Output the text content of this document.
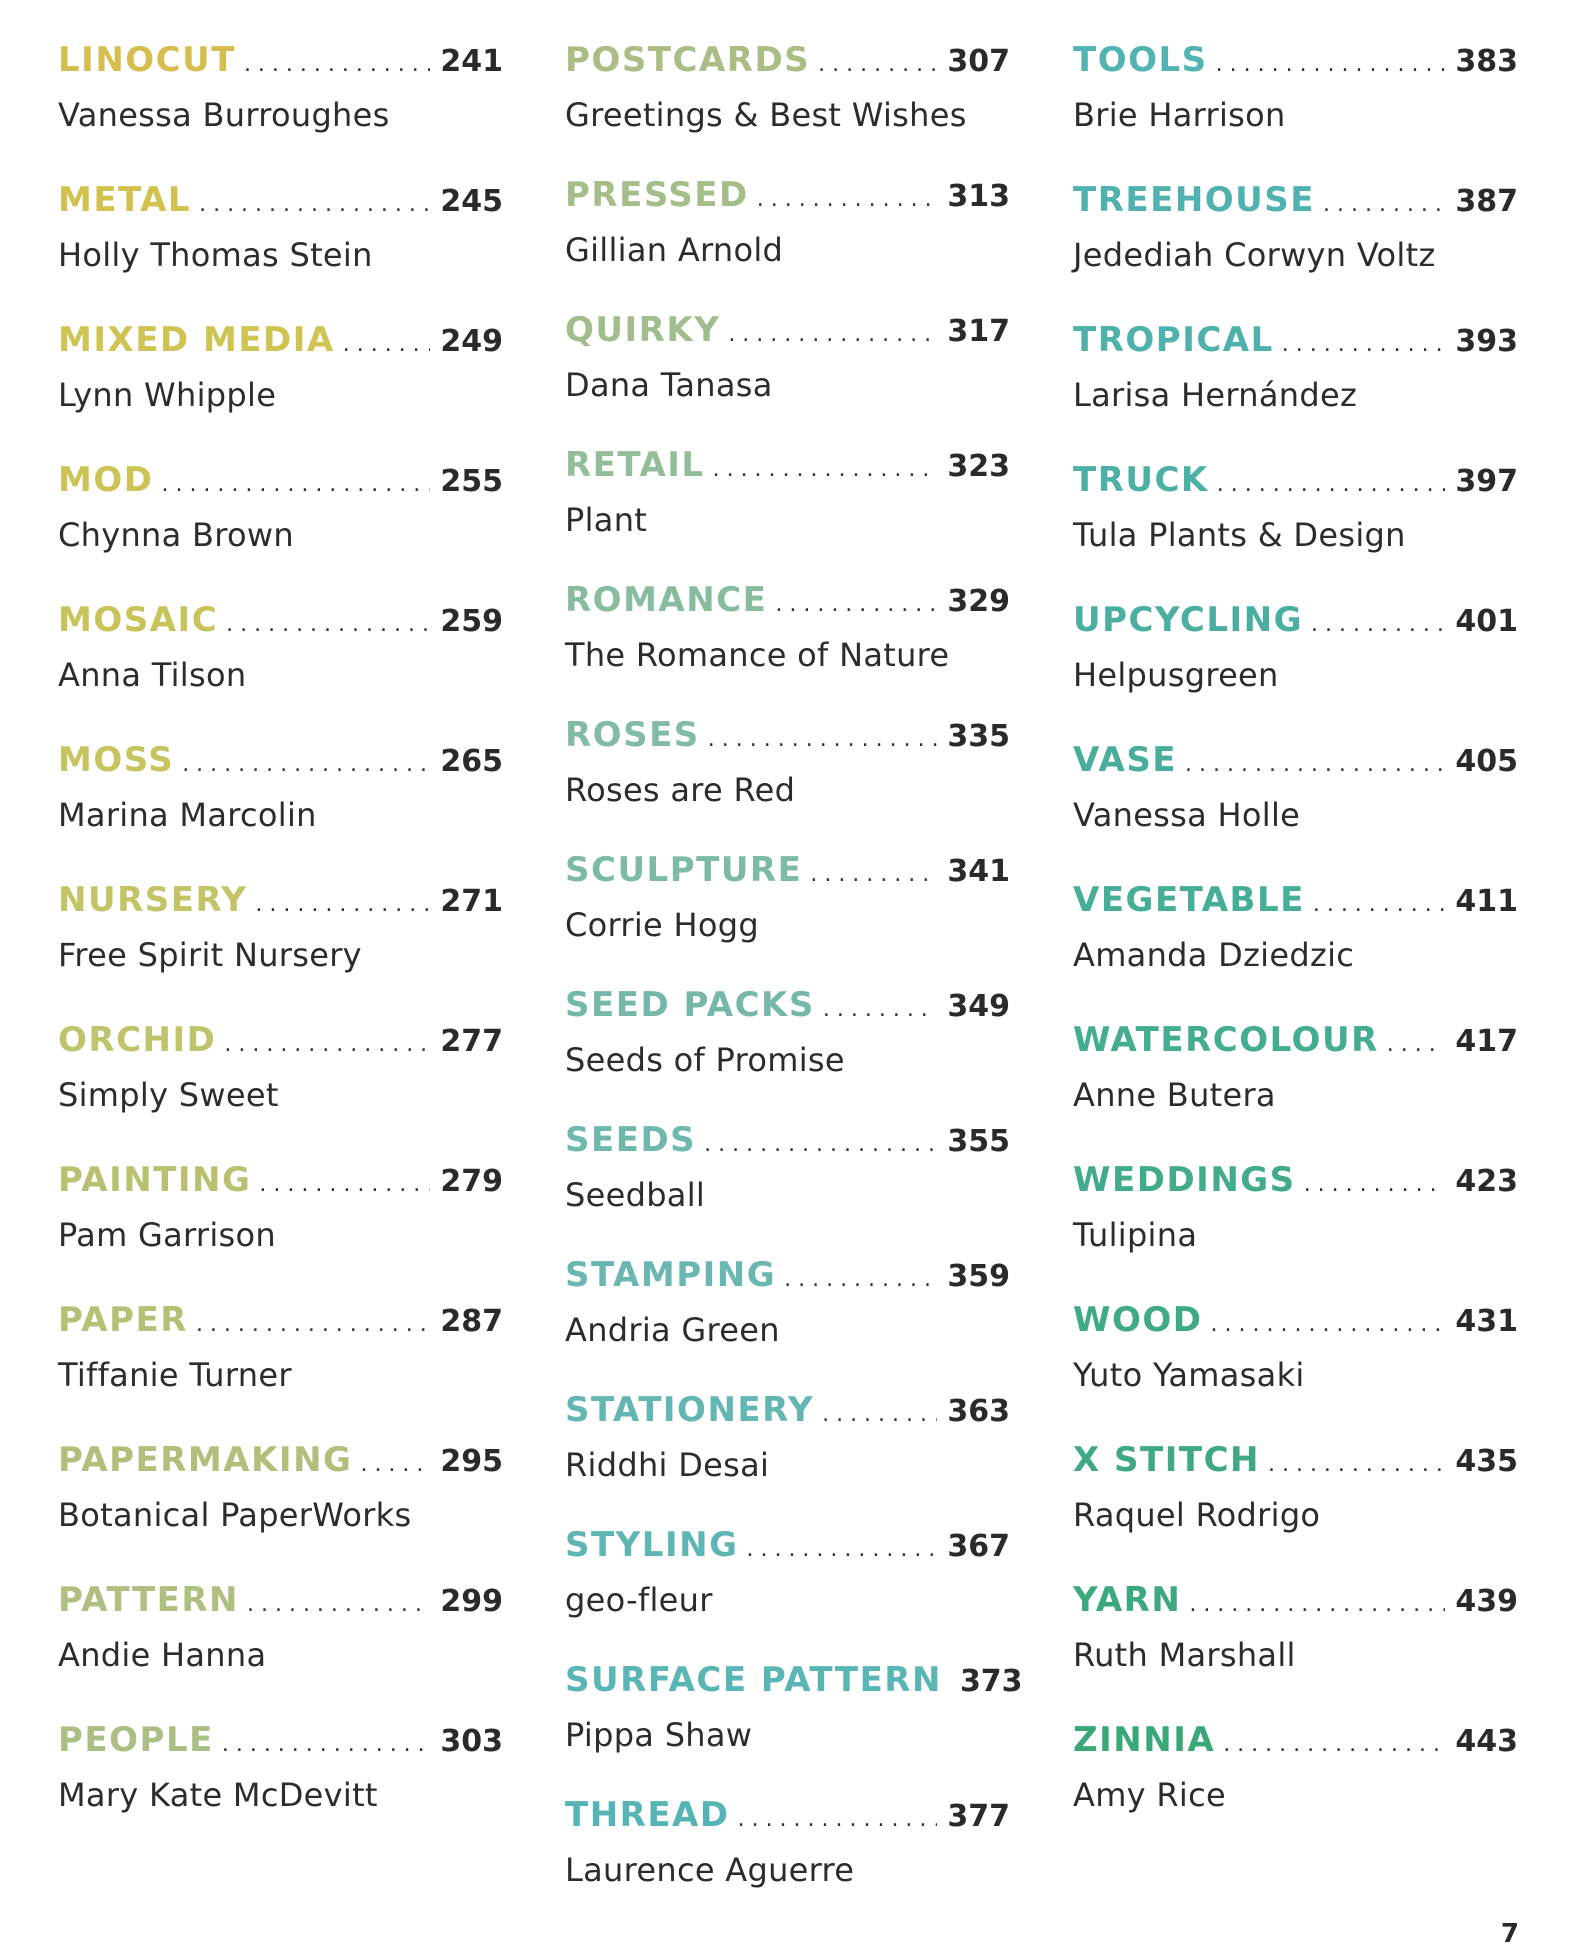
LINOCUT . . .	241
Vanessa Burroughes
METAL . . .	245
Holly Thomas Stein
MIXED MEDIA . . .	249
Lynn Whipple
MOD . . .	255
Chynna Brown
MOSAIC . . .	259
Anna Tilson
MOSS . . .	265
Marina Marcolin
NURSERY . . .	271
Free Spirit Nursery
ORCHID . . .	277
Simply Sweet
PAINTING . . .	279
Pam Garrison
PAPER . . .	287
Tiffanie Turner
PAPERMAKING . . .	295
Botanical PaperWorks
PATTERN . . .	299
Andie Hanna
PEOPLE . . .	303
Mary Kate McDevitt
POSTCARDS . . .	307
Greetings & Best Wishes
PRESSED . . .	313
Gillian Arnold
QUIRKY . . .	317
Dana Tanasa
RETAIL . . .	323
Plant
ROMANCE . . .	329
The Romance of Nature
ROSES . . .	335
Roses are Red
SCULPTURE . . .	341
Corrie Hogg
SEED PACKS . . .	349
Seeds of Promise
SEEDS . . .	355
Seedball
STAMPING . . .	359
Andria Green
STATIONERY . . .	363
Riddhi Desai
STYLING . . .	367
geo-fleur
SURFACE PATTERN 373
Pippa Shaw
THREAD . . .	377
Laurence Aguerre
TOOLS . . .	383
Brie Harrison
TREEHOUSE . . .	387
Jedediah Corwyn Voltz
TROPICAL . . .	393
Larisa Hernández
TRUCK . . .	397
Tula Plants & Design
UPCYCLING . . .	401
Helpusgreen
VASE . . .	405
Vanessa Holle
VEGETABLE . . .	411
Amanda Dziedzic
WATERCOLOUR . . .	417
Anne Butera
WEDDINGS . . .	423
Tulipina
WOOD . . .	431
Yuto Yamasaki
X STITCH . . .	435
Raquel Rodrigo
YARN . . .	439
Ruth Marshall
ZINNIA . . .	443
Amy Rice
7
